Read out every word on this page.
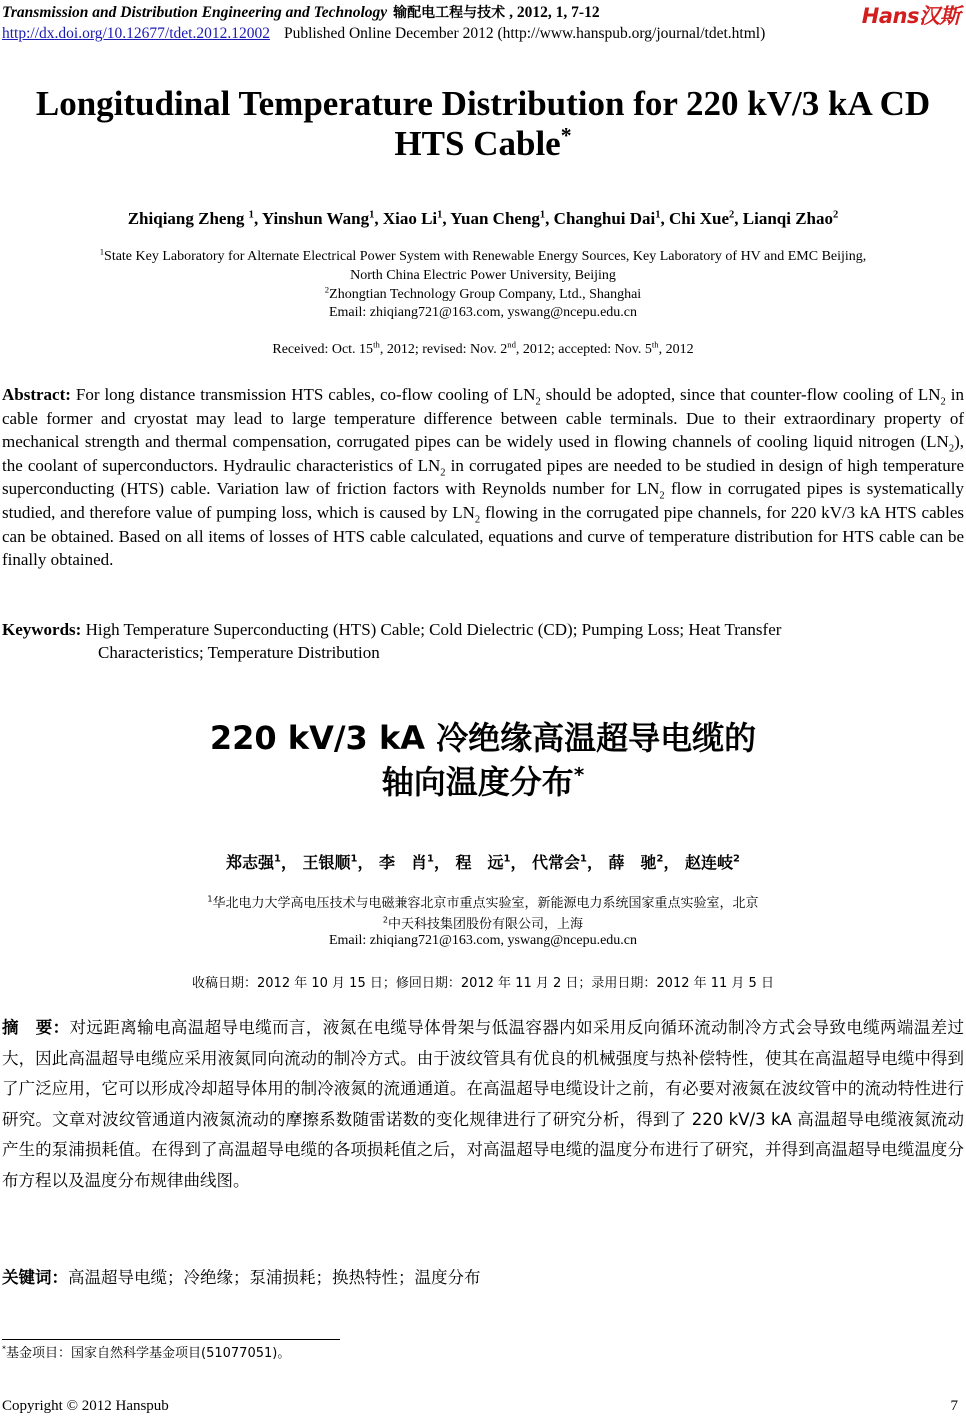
Transmission and Distribution Engineering and Technology 输配电工程与技术 , 2012, 1, 7-12	Hans汉斯
http://dx.doi.org/10.12677/tdet.2012.12002 Published Online December 2012 (http://www.hanspub.org/journal/tdet.html)
Longitudinal Temperature Distribution for 220 kV/3 kA CD HTS Cable*
Zhiqiang Zheng $^1$, Yinshun Wang$^1$, Xiao Li$^1$, Yuan Cheng$^1$, Changhui Dai$^1$, Chi Xue$^2$, Lianqi Zhao$^2$
$^1$State Key Laboratory for Alternate Electrical Power System with Renewable Energy Sources, Key Laboratory of HV and EMC Beijing,
North China Electric Power University, Beijing
$^2$Zhongtian Technology Group Company, Ltd., Shanghai
Email: zhiqiang721@163.com, yswang@ncepu.edu.cn
Received: Oct. 15th, 2012; revised: Nov. 2nd, 2012; accepted: Nov. 5th, 2012
Abstract: For long distance transmission HTS cables, co-flow cooling of $LN_2$ should be adopted, since that counter-flow cooling of $LN_2$ in cable former and cryostat may lead to large temperature difference between cable terminals. Due to their extraordinary property of mechanical strength and thermal compensation, corrugated pipes can be widely used in flowing channels of cooling liquid nitrogen $(LN_2)$, the coolant of superconductors. Hydraulic characteristics of $LN_2$ in corrugated pipes are needed to be studied in design of high temperature superconducting (HTS) cable. Variation law of friction factors with Reynolds number for $LN_2$ flow in corrugated pipes is systematically studied, and therefore value of pumping loss, which is caused by $LN_2$ flowing in the corrugated pipe channels, for 220 kV/3 kA HTS cables can be obtained. Based on all items of losses of HTS cable calculated, equations and curve of temperature distribution for HTS cable can be finally obtained.
Keywords: High Temperature Superconducting (HTS) Cable; Cold Dielectric (CD); Pumping Loss; Heat Transfer
Characteristics; Temperature Distribution
220 kV/3 kA 冷绝缘高温超导电缆的
轴向温度分布*
郑志强$^1$， 王银顺$^1$， 李　肖$^1$， 程　远$^1$， 代常会$^1$， 薛　驰$^2$， 赵连岐$^2$
$^1$华北电力大学高电压技术与电磁兼容北京市重点实验室，新能源电力系统国家重点实验室，北京
$^2$中天科技集团股份有限公司，上海
Email: zhiqiang721@163.com, yswang@ncepu.edu.cn
收稿日期：2012 年 10 月 15 日；修回日期：2012 年 11 月 2 日；录用日期：2012 年 11 月 5 日
摘　要：对远距离输电高温超导电缆而言，液氮在电缆导体骨架与低温容器内如采用反向循环流动制冷方式会导致电缆两端温差过大，因此高温超导电缆应采用液氮同向流动的制冷方式。由于波纹管具有优良的机械强度与热补偿特性，使其在高温超导电缆中得到了广泛应用，它可以形成冷却超导体用的制冷液氮的流通通道。在高温超导电缆设计之前，有必要对液氮在波纹管中的流动特性进行研究。文章对波纹管通道内液氮流动的摩擦系数随雷诺数的变化规律进行了研究分析，得到了 220 kV/3 kA 高温超导电缆液氮流动产生的泵浦损耗值。在得到了高温超导电缆的各项损耗值之后，对高温超导电缆的温度分布进行了研究，并得到高温超导电缆温度分布方程以及温度分布规律曲线图。
关键词：高温超导电缆；冷绝缘；泵浦损耗；换热特性；温度分布
*基金项目：国家自然科学基金项目(51077051)。
Copyright © 2012 Hanspub	7
